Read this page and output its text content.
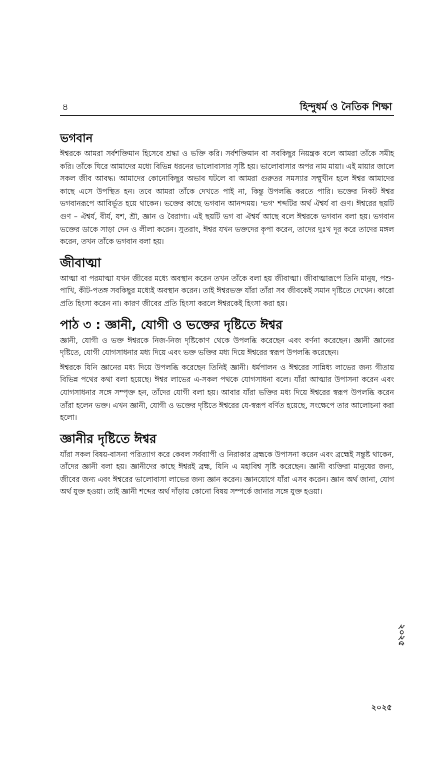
৪	হিন্দুধর্ম ও নৈতিক শিক্ষা
ভগবান

ঈশ্বরকে আমরা সর্বশক্তিমান হিসেবে শ্রদ্ধা ও ভক্তি করি। সর্বশক্তিমান বা সবকিছুর নিয়ন্ত্রক বলে আমরা তাঁকে সমীহ করি। তাঁকে ঘিরে আমাদের মধ্যে বিভিন্ন ধরনের ভালোবাসার সৃষ্টি হয়। ভালোবাসার অপর নাম মায়া। এই মায়ার জালে সকল জীব আবদ্ধ। আমাদের কোনোকিছুর অভাব ঘটলে বা আমরা গুরুতর সমস্যার সম্মুখীন হলে ঈশ্বর আমাদের কাছে এসে উপস্থিত হন। তবে আমরা তাঁকে দেখতে পাই না, কিন্তু উপলব্ধি করতে পারি। ভক্তের নিকট ঈশ্বর ভগবানরূপে আবির্ভূত হয়ে থাকেন। ভক্তের কাছে ভগবান আনন্দময়। 'ভগ' শব্দটির অর্থ ঐশ্বর্য বা গুণ। ঈশ্বরের ছয়টি গুণ – ঐশ্বর্য, বীর্য, যশ, শ্রী, জ্ঞান ও বৈরাগ্য। এই ছয়টি ভগ বা ঐশ্বর্য আছে বলে ঈশ্বরকে ভগবান বলা হয়। ভগবান ভক্তের ডাকে সাড়া দেন ও লীলা করেন। সুতরাং, ঈশ্বর যখন ভক্তদের কৃপা করেন, তাদের দুঃখ দূর করে তাদের মঙ্গল করেন, তখন তাঁকে ভগবান বলা হয়।

জীবাত্মা

আত্মা বা পরমাত্মা যখন জীবের মধ্যে অবস্থান করেন তখন তাঁকে বলা হয় জীবাত্মা। জীবাত্মারূপে তিনি মানুষ, পশু-পাখি, কীট-পতঙ্গ সবকিছুর মধ্যেই অবস্থান করেন। তাই ঈশ্বরভক্ত যাঁরা তাঁরা সব জীবকেই সমান দৃষ্টিতে দেখেন। কারো প্রতি হিংসা করেন না। কারণ জীবের প্রতি হিংসা করলে ঈশ্বরকেই হিংসা করা হয়।

পাঠ ৩ : জ্ঞানী, যোগী ও ভক্তের দৃষ্টিতে ঈশ্বর

জ্ঞানী, যোগী ও ভক্ত ঈশ্বরকে নিজ-নিজ দৃষ্টিকোণ থেকে উপলব্ধি করেছেন এবং বর্ণনা করেছেন। জ্ঞানী জ্ঞানের দৃষ্টিতে, যোগী যোগসাধনার মধ্য দিয়ে এবং ভক্ত ভক্তির মধ্য দিয়ে ঈশ্বরের স্বরূপ উপলব্ধি করেছেন।

ঈশ্বরকে যিনি জ্ঞানের মধ্য দিয়ে উপলব্ধি করেছেন তিনিই জ্ঞানী। ধর্মপালন ও ঈশ্বরের সান্নিধ্য লাভের জন্য গীতায় বিভিন্ন পথের কথা বলা হয়েছে। ঈশ্বর লাভের এ-সকল পথকে যোগসাধনা বলে। যাঁরা আত্মার উপাসনা করেন এবং যোগসাধনার সঙ্গে সম্পৃক্ত হন, তাঁদের যোগী বলা হয়। আবার যাঁরা ভক্তির মধ্য দিয়ে ঈশ্বরের স্বরূপ উপলব্ধি করেন তাঁরা হলেন ভক্ত। এখন জ্ঞানী, যোগী ও ভক্তের দৃষ্টিতে ঈশ্বরের যে-স্বরূপ বর্ণিত হয়েছে, সংক্ষেপে তার আলোচনা করা হলো।

জ্ঞানীর দৃষ্টিতে ঈশ্বর

যাঁরা সকল বিষয়-বাসনা পরিত্যাগ করে কেবল সর্বব্যাপী ও নিরাকার ব্রহ্মকে উপাসনা করেন এবং ব্রহ্মেই সন্তুষ্ট থাকেন, তাঁদের জ্ঞানী বলা হয়। জ্ঞানীদের কাছে ঈশ্বরই ব্রহ্ম, যিনি এ মহাবিশ্ব সৃষ্টি করেছেন। জ্ঞানী ব্যক্তিরা মানুষের জন্য, জীবের জন্য এবং ঈশ্বরের ভালোবাসা লাভের জন্য জ্ঞান করেন। জ্ঞানযোগে যাঁরা এসব করেন। জ্ঞান অর্থ জানা, যোগ অর্থ যুক্ত হওয়া। তাই জ্ঞানী শব্দের অর্থ দাঁড়ায় কোনো বিষয় সম্পর্কে জানার সঙ্গে যুক্ত হওয়া।

২০২৫
২০২৫
